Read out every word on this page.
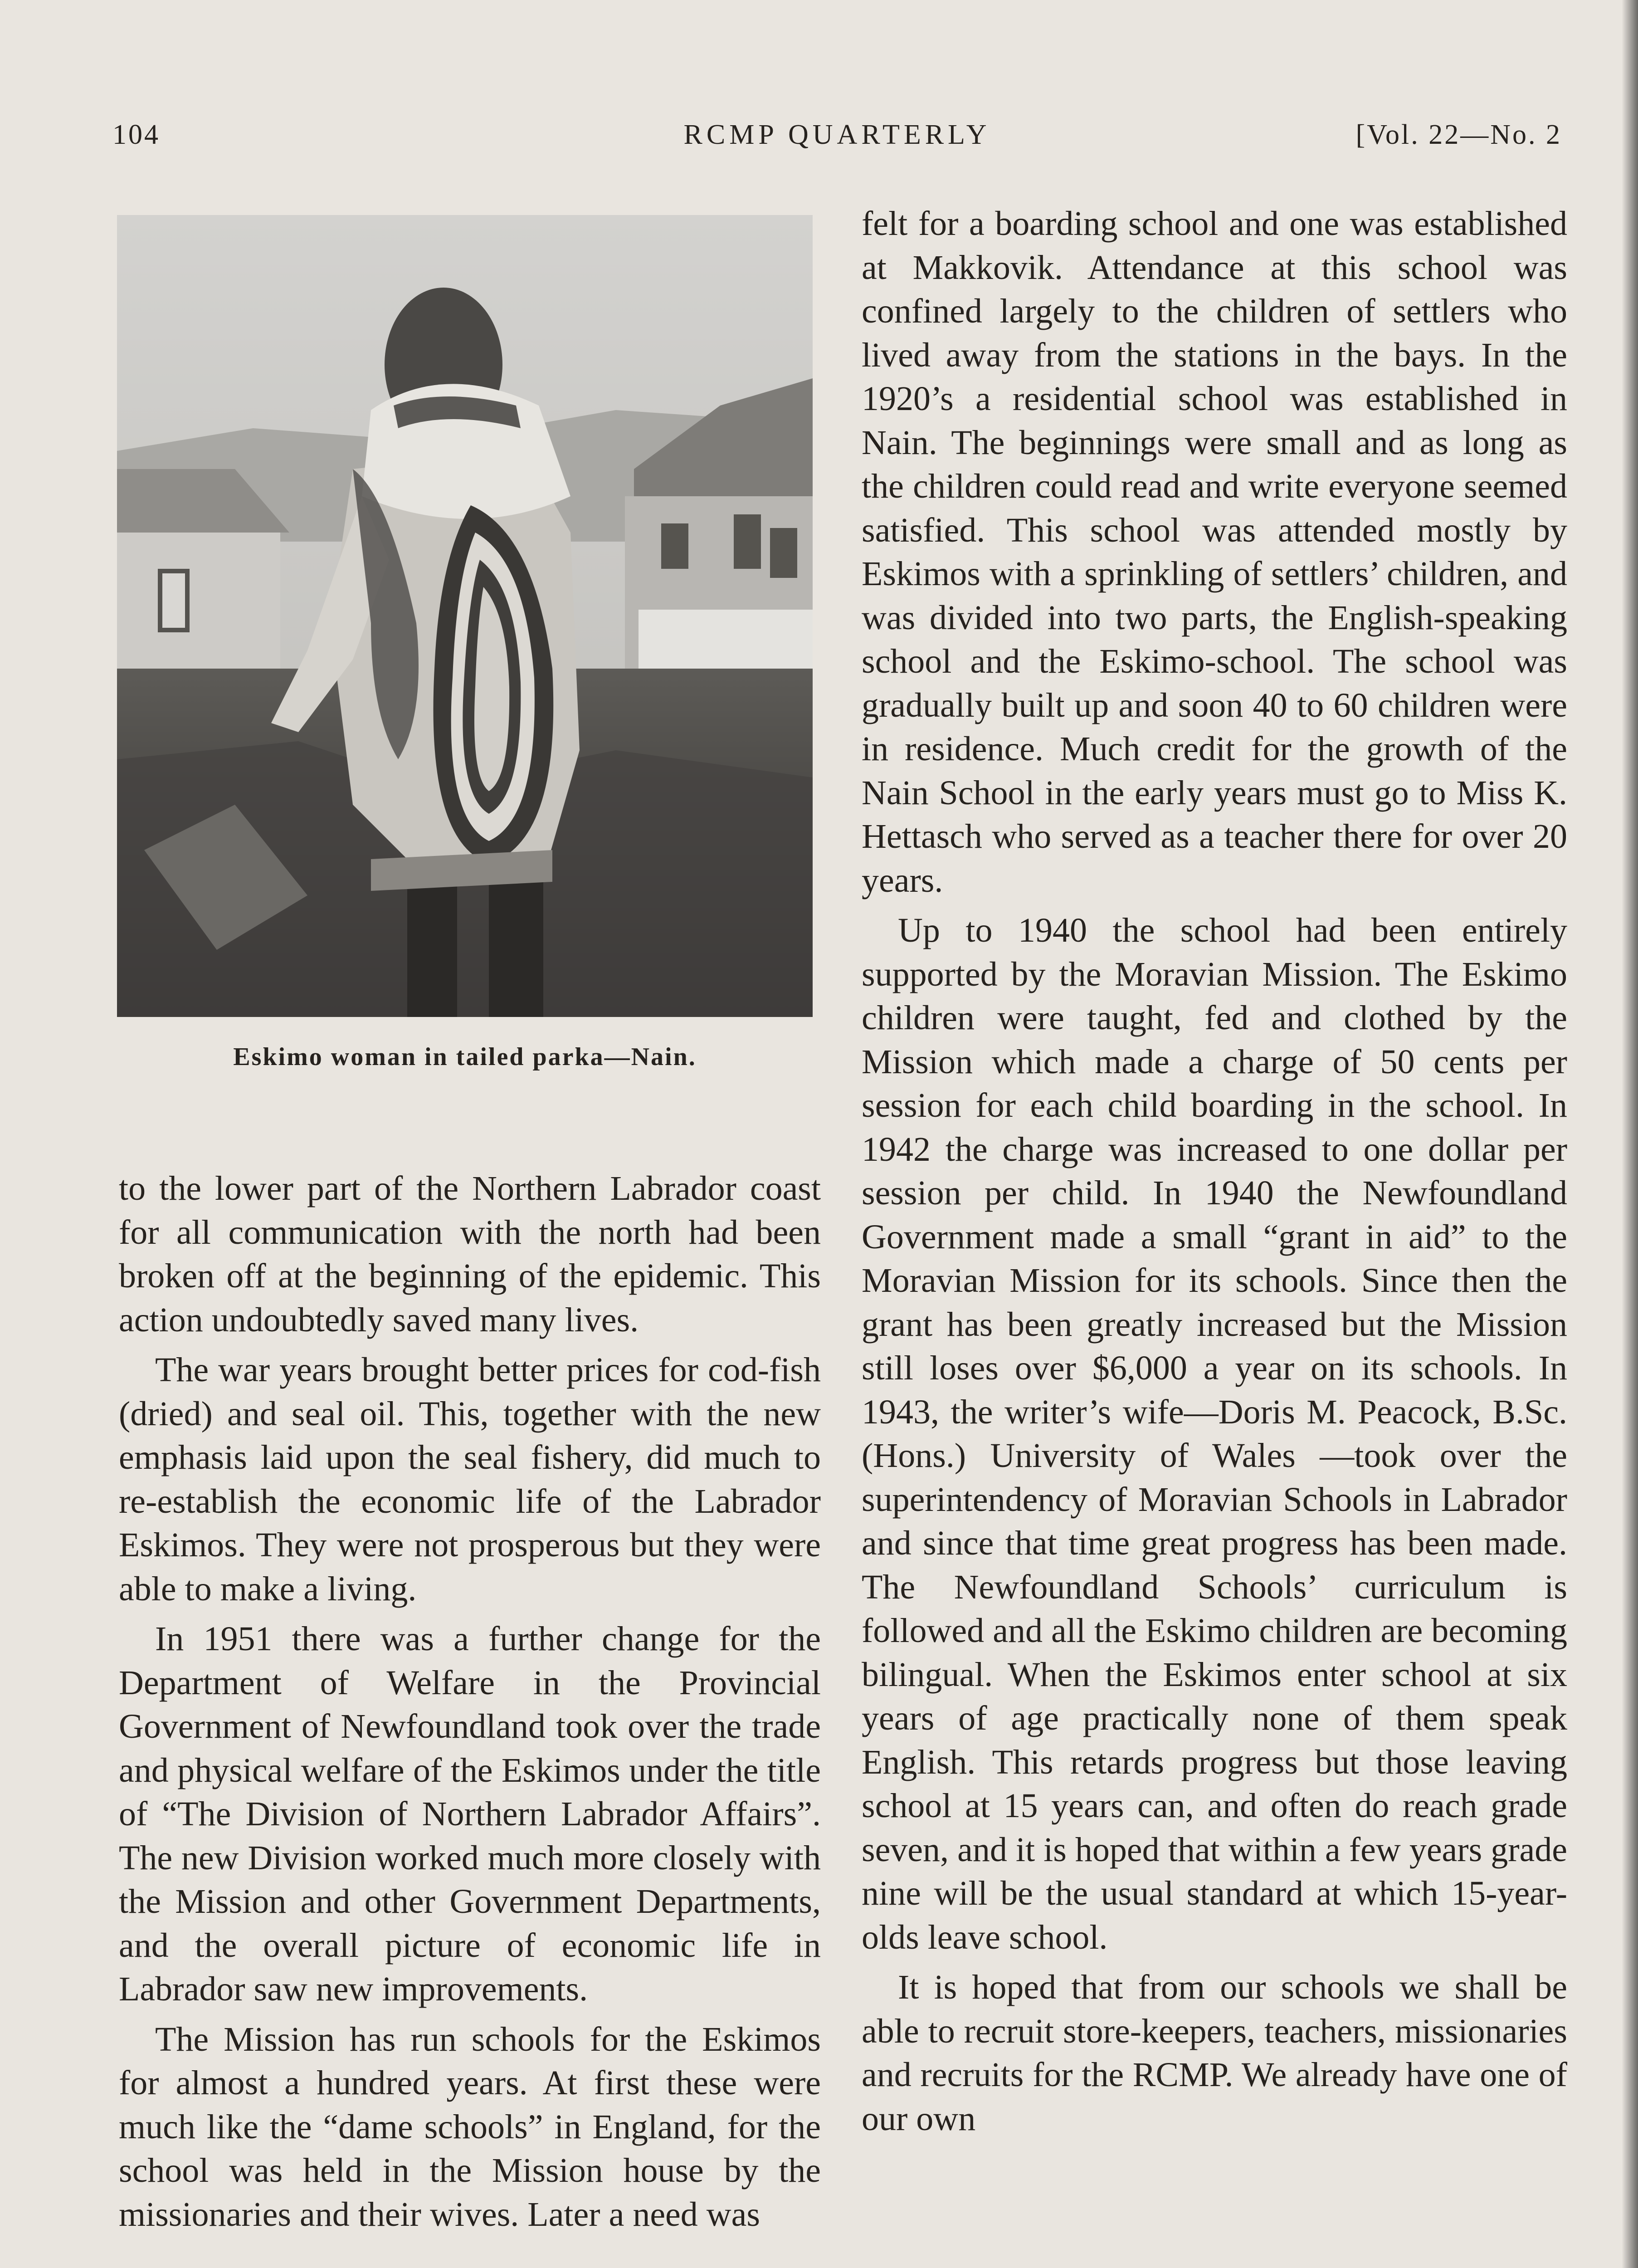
104	RCMP QUARTERLY	[Vol. 22—No. 2
Eskimo woman in tailed parka—Nain.

to the lower part of the Northern Labrador coast for all communication with the north had been broken off at the beginning of the epidemic. This action undoubtedly saved many lives.

The war years brought better prices for cod-fish (dried) and seal oil. This, together with the new emphasis laid upon the seal fishery, did much to re-establish the economic life of the Labrador Eskimos. They were not prosperous but they were able to make a living.

In 1951 there was a further change for the Department of Welfare in the Provincial Government of Newfoundland took over the trade and physical welfare of the Eskimos under the title of “The Division of Northern Labrador Affairs”. The new Division worked much more closely with the Mission and other Government Departments, and the overall picture of economic life in Labrador saw new improvements.

The Mission has run schools for the Eskimos for almost a hundred years. At first these were much like the “dame schools” in England, for the school was held in the Mission house by the missionaries and their wives. Later a need was

felt for a boarding school and one was established at Makkovik. Attendance at this school was confined largely to the children of settlers who lived away from the stations in the bays. In the 1920’s a residential school was established in Nain. The beginnings were small and as long as the children could read and write everyone seemed satisfied. This school was attended mostly by Eskimos with a sprinkling of settlers’ children, and was divided into two parts, the English-speaking school and the Eskimo-school. The school was gradually built up and soon 40 to 60 children were in residence. Much credit for the growth of the Nain School in the early years must go to Miss K. Hettasch who served as a teacher there for over 20 years.

Up to 1940 the school had been entirely supported by the Moravian Mission. The Eskimo children were taught, fed and clothed by the Mission which made a charge of 50 cents per session for each child boarding in the school. In 1942 the charge was increased to one dollar per session per child. In 1940 the Newfoundland Government made a small “grant in aid” to the Moravian Mission for its schools. Since then the grant has been greatly increased but the Mission still loses over $6,000 a year on its schools. In 1943, the writer’s wife—Doris M. Peacock, B.Sc. (Hons.) University of Wales —took over the superintendency of Moravian Schools in Labrador and since that time great progress has been made. The Newfoundland Schools’ curriculum is followed and all the Eskimo children are becoming bilingual. When the Eskimos enter school at six years of age practically none of them speak English. This retards progress but those leaving school at 15 years can, and often do reach grade seven, and it is hoped that within a few years grade nine will be the usual standard at which 15-year-olds leave school.

It is hoped that from our schools we shall be able to recruit store-keepers, teachers, missionaries and recruits for the RCMP. We already have one of our own
